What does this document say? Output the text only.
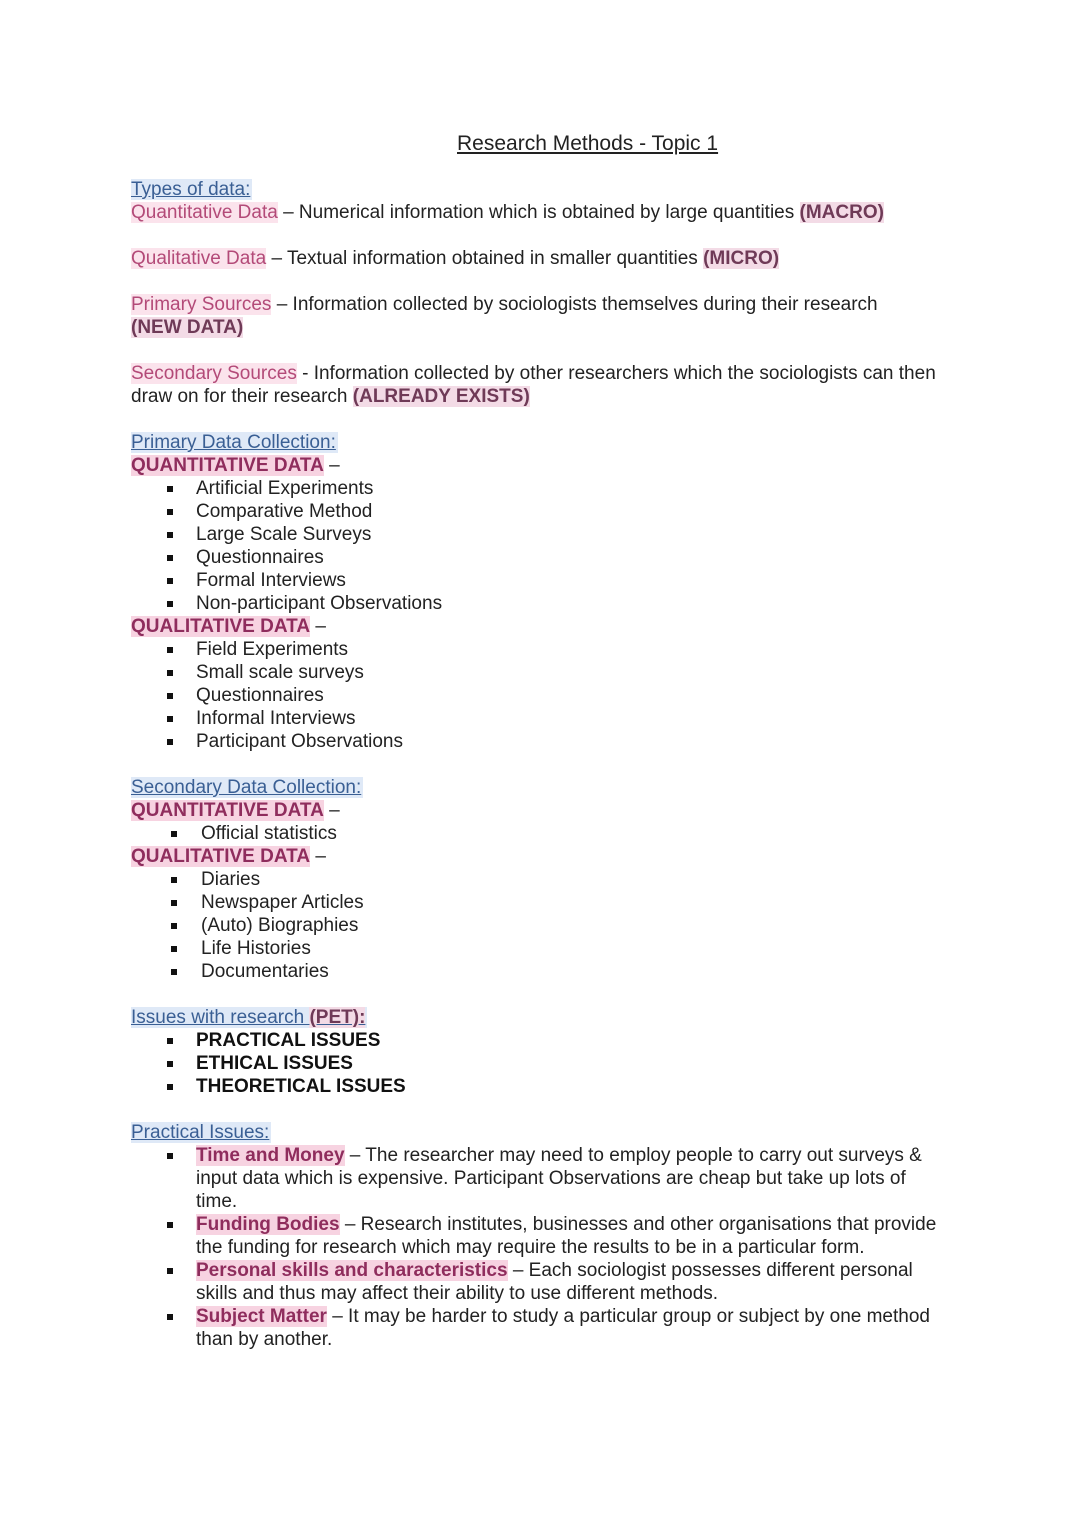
Research Methods - Topic 1
Types of data:
Quantitative Data – Numerical information which is obtained by large quantities (MACRO)
Qualitative Data – Textual information obtained in smaller quantities (MICRO)
Primary Sources – Information collected by sociologists themselves during their research
(NEW DATA)
Secondary Sources - Information collected by other researchers which the sociologists can then draw on for their research (ALREADY EXISTS)
Primary Data Collection:
QUANTITATIVE DATA –
Artificial Experiments
Comparative Method
Large Scale Surveys
Questionnaires
Formal Interviews
Non-participant Observations
QUALITATIVE DATA –
Field Experiments
Small scale surveys
Questionnaires
Informal Interviews
Participant Observations
Secondary Data Collection:
QUANTITATIVE DATA –
Official statistics
QUALITATIVE DATA –
Diaries
Newspaper Articles
(Auto) Biographies
Life Histories
Documentaries
Issues with research (PET):
PRACTICAL ISSUES
ETHICAL ISSUES
THEORETICAL ISSUES
Practical Issues:
Time and Money – The researcher may need to employ people to carry out surveys & input data which is expensive. Participant Observations are cheap but take up lots of time.
Funding Bodies – Research institutes, businesses and other organisations that provide the funding for research which may require the results to be in a particular form.
Personal skills and characteristics – Each sociologist possesses different personal skills and thus may affect their ability to use different methods.
Subject Matter – It may be harder to study a particular group or subject by one method than by another.
